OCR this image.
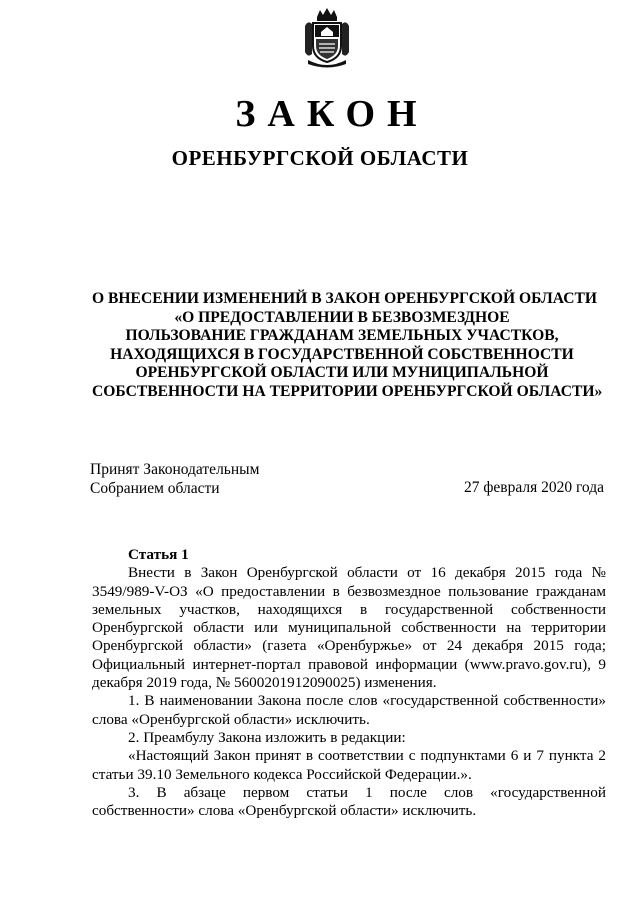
ЗАКОН
ОРЕНБУРГСКОЙ ОБЛАСТИ
О ВНЕСЕНИИ ИЗМЕНЕНИЙ В ЗАКОН ОРЕНБУРГСКОЙ ОБЛАСТИ
«О ПРЕДОСТАВЛЕНИИ В БЕЗВОЗМЕЗДНОЕ
ПОЛЬЗОВАНИЕ ГРАЖДАНАМ ЗЕМЕЛЬНЫХ УЧАСТКОВ,
НАХОДЯЩИХСЯ В ГОСУДАРСТВЕННОЙ СОБСТВЕННОСТИ
ОРЕНБУРГСКОЙ ОБЛАСТИ ИЛИ МУНИЦИПАЛЬНОЙ
СОБСТВЕННОСТИ НА ТЕРРИТОРИИ ОРЕНБУРГСКОЙ ОБЛАСТИ»
Принят Законодательным
Собранием области	27 февраля 2020 года
Статья 1

Внести в Закон Оренбургской области от 16 декабря 2015 года № 3549/989-V-ОЗ «О предоставлении в безвозмездное пользование гражданам земельных участков, находящихся в государственной собственности Оренбургской области или муниципальной собственности на территории Оренбургской области» (газета «Оренбуржье» от 24 декабря 2015 года; Официальный интернет-портал правовой информации (www.pravo.gov.ru), 9 декабря 2019 года, № 5600201912090025) изменения.

1. В наименовании Закона после слов «государственной собственности» слова «Оренбургской области» исключить.

2. Преамбулу Закона изложить в редакции:

«Настоящий Закон принят в соответствии с подпунктами 6 и 7 пункта 2 статьи 39.10 Земельного кодекса Российской Федерации.».

3. В абзаце первом статьи 1 после слов «государственной собственности» слова «Оренбургской области» исключить.
